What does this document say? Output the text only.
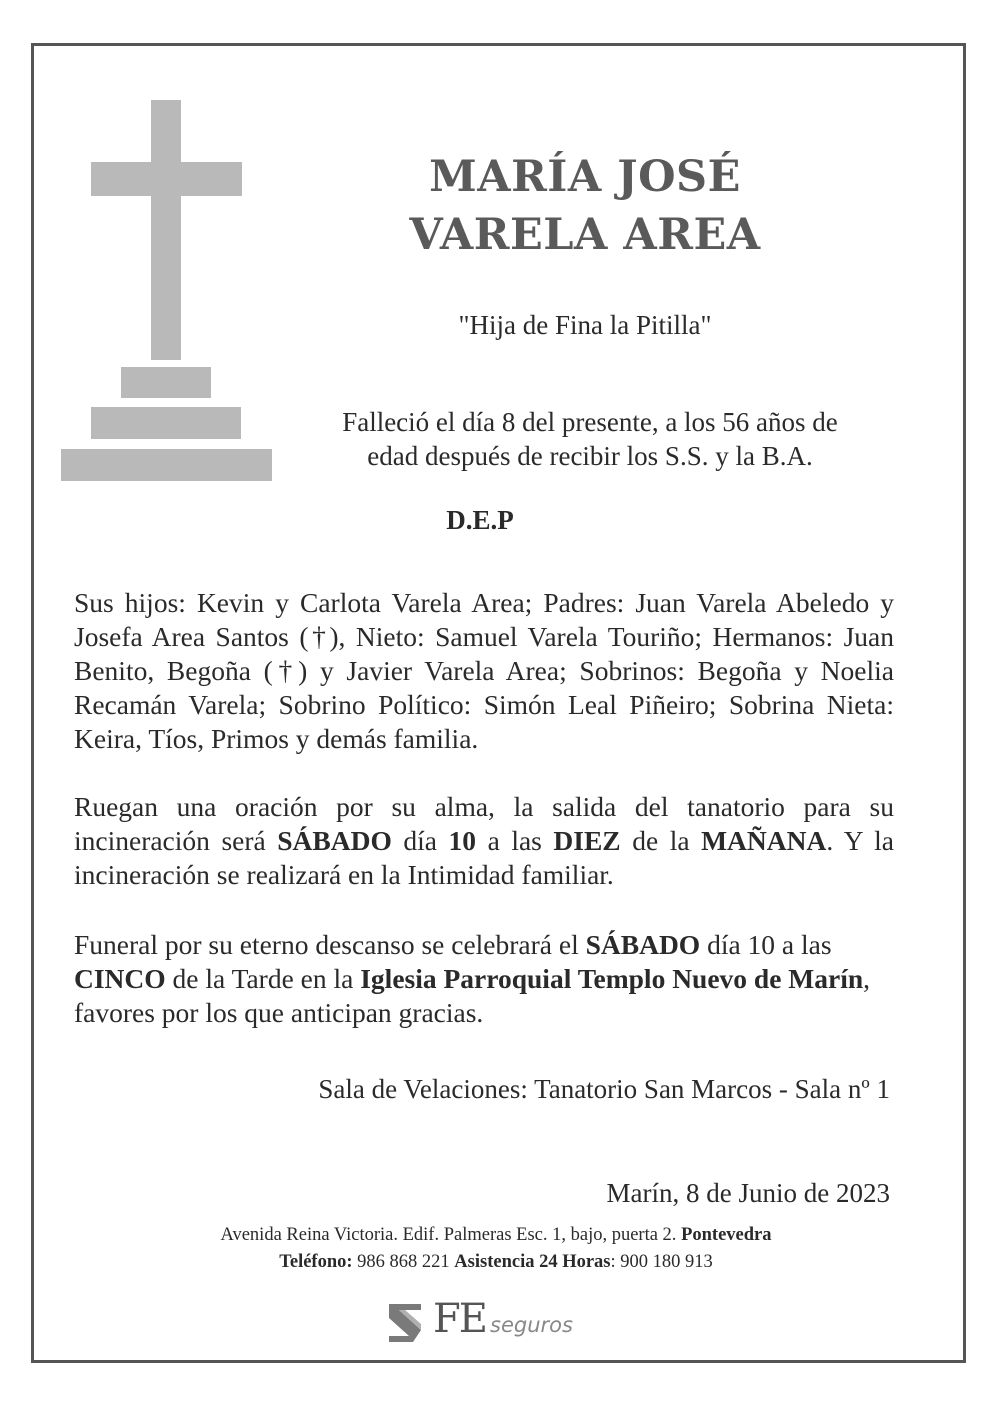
MARÍA JOSÉ
VARELA AREA
"Hija de Fina la Pitilla"
Falleció el día 8 del presente, a los 56 años de
edad después de recibir los S.S. y la B.A.
D.E.P
Sus hijos: Kevin y Carlota Varela Area; Padres: Juan Varela Abeledo y Josefa Area Santos (†), Nieto: Samuel Varela Touriño; Hermanos: Juan Benito, Begoña (†) y Javier Varela Area; Sobrinos: Begoña y Noelia Recamán Varela; Sobrino Político: Simón Leal Piñeiro; Sobrina Nieta: Keira, Tíos, Primos y demás familia.
Ruegan una oración por su alma, la salida del tanatorio para su incineración será SÁBADO día 10 a las DIEZ de la MAÑANA. Y la incineración se realizará en la Intimidad familiar.
Funeral por su eterno descanso se celebrará el SÁBADO día 10 a las CINCO de la Tarde en la Iglesia Parroquial Templo Nuevo de Marín, favores por los que anticipan gracias.
Sala de Velaciones: Tanatorio San Marcos - Sala nº 1
Marín, 8 de Junio de 2023
Avenida Reina Victoria. Edif. Palmeras Esc. 1, bajo, puerta 2. Pontevedra
Teléfono: 986 868 221 Asistencia 24 Horas: 900 180 913
FE seguros
